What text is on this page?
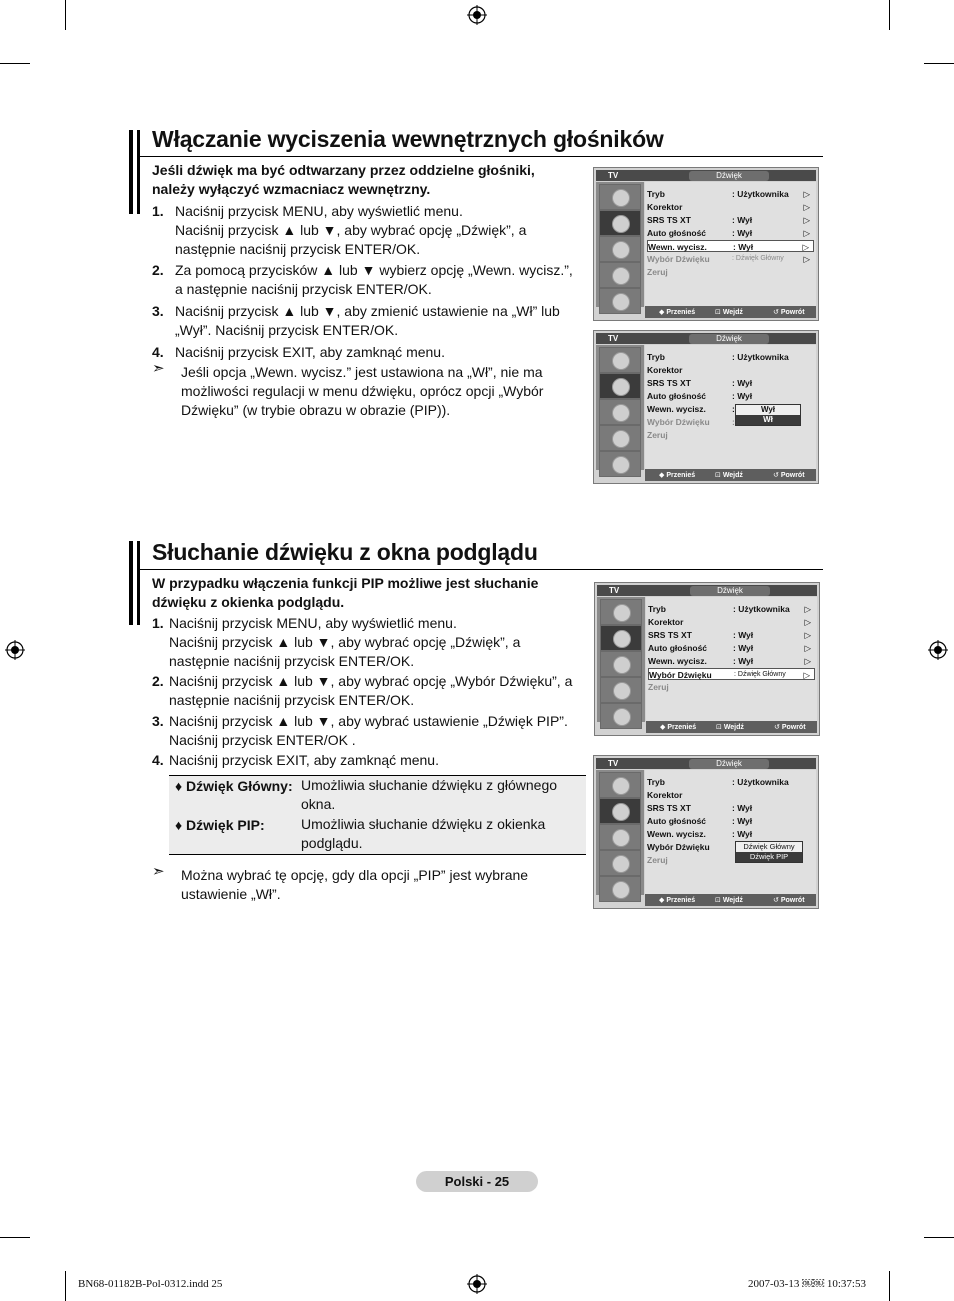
Włączanie wyciszenia wewnętrznych głośników
Jeśli dźwięk ma być odtwarzany przez oddzielne głośniki, należy wyłączyć wzmacniacz wewnętrzny.
1. Naciśnij przycisk MENU, aby wyświetlić menu.
Naciśnij przycisk ▲ lub ▼, aby wybrać opcję „Dźwięk”, a
następnie naciśnij przycisk ENTER/OK.
2. Za pomocą przycisków ▲ lub ▼ wybierz opcję „Wewn. wycisz.”,
a następnie naciśnij przycisk ENTER/OK.
3. Naciśnij przycisk ▲ lub ▼, aby zmienić ustawienie na „Wł” lub
„Wył”. Naciśnij przycisk ENTER/OK.
4. Naciśnij przycisk EXIT, aby zamknąć menu.
➣ Jeśli opcja „Wewn. wycisz.” jest ustawiona na „Wł”, nie ma
możliwości regulacji w menu dźwięku, oprócz opcji „Wybór
Dźwięku” (w trybie obrazu w obrazie (PIP)).
TV	Dźwięk
Tryb	: Użytkownika ▷
Korektor	▷
SRS TS XT	: Wył	▷
Auto głośność	: Wył	▷
Wewn. wycisz.	: Wył	▷
Wybór Dźwięku	: Dźwięk Główny ▷
Zeruj
◆ Przenieś	⊡ Wejdź	↺ Powrót
TV	Dźwięk
Tryb	: Użytkownika
Korektor
SRS TS XT	: Wył
Auto głośność	: Wył
Wewn. wycisz.	:
Wybór Dźwięku	:
Zeruj
Wył
Wł
◆ Przenieś	⊡ Wejdź	↺ Powrót
Słuchanie dźwięku z okna podglądu
W przypadku włączenia funkcji PIP możliwe jest słuchanie dźwięku z okienka podglądu.
1. Naciśnij przycisk MENU, aby wyświetlić menu.
Naciśnij przycisk ▲ lub ▼, aby wybrać opcję „Dźwięk”, a
następnie naciśnij przycisk ENTER/OK.
2. Naciśnij przycisk ▲ lub ▼, aby wybrać opcję „Wybór Dźwięku”, a
następnie naciśnij przycisk ENTER/OK.
3. Naciśnij przycisk ▲ lub ▼, aby wybrać ustawienie „Dźwięk PIP”.
Naciśnij przycisk ENTER/OK .
4. Naciśnij przycisk EXIT, aby zamknąć menu.
♦ Dźwięk Główny: Umożliwia słuchanie dźwięku z głównego
okna.
♦ Dźwięk PIP:	Umożliwia słuchanie dźwięku z okienka
podglądu.
➣ Można wybrać tę opcję, gdy dla opcji „PIP” jest wybrane
ustawienie „Wł”.
TV	Dźwięk
Tryb	: Użytkownika ▷
Korektor	▷
SRS TS XT	: Wył	▷
Auto głośność	: Wył	▷
Wewn. wycisz.	: Wył	▷
Wybór Dźwięku	: Dźwięk Główny ▷
Zeruj
◆ Przenieś	⊡ Wejdź	↺ Powrót
TV	Dźwięk
Tryb	: Użytkownika
Korektor
SRS TS XT	: Wył
Auto głośność	: Wył
Wewn. wycisz.	: Wył
Wybór Dźwięku
Zeruj
Dźwięk Główny
Dźwięk PIP
◆ Przenieś	⊡ Wejdź	↺ Powrót
Polski - 25
BN68-01182B-Pol-0312.indd 25	2007-03-13 ￼￼ 10:37:53
